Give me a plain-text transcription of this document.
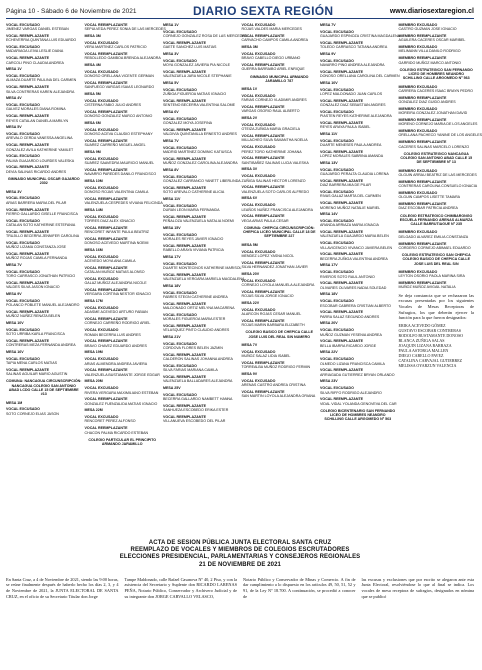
Página 10 - Sábado 6 de Noviembre de 2021	DIARIO SEXTA REGIÓN	www.diariosextaregion.cl
VOCAL EXCUSADO
JIMENEZ VARGAS DANIEL ESTEBAN
VOCAL REEMPLAZANTE
ECHEVERRIA QUINTANA LUIS EDUARDO
VOCAL EXCUSADO
MADARIAGA LEIVA LESLIE DIANA
VOCAL REEMPLAZANTE
CARCOLI PINO CLAUDIA ANDREA
MESA 1V
VOCAL EXCUSADO
ALMAZA DUARTE PAULINA DEL CARMEN
VOCAL REEMPLAZANTE
SILVA CONTRERAS KAREN ALEJANDRA
MESA 4V
VOCAL EXCUSADO
GALVEZ MORALES DIANA ROMINA
VOCAL REEMPLAZANTE
REYES CATALAN DANIELA MARILYN
MESA 5V
VOCAL EXCUSADO
AREVALO CERDA VANESSA ANGELINA
VOCAL REEMPLAZANTE
GONZALEZ AVILA KATHERINE YAMILET
VOCAL EXCUSADO
PALMA GUAJARDO LOURDES VALESKA
VOCAL REEMPLAZANTE
DEVIA SALINAS RICARDO ANDRES
GIMNASIO MUNICIPAL OSCAR GAJARDO 2302
MESA 3V
VOCAL EXCUSADO
ARIAS BARRERA MARIA DEL PILAR
VOCAL REEMPLAZANTE
FIERRO GALLARDO GISELLE FRANCISCA
VOCAL EXCUSADO
CATALAN SOTO KATHERINE ESTEFANIA
VOCAL REEMPLAZANTE
TRUJILLO BECERRA JENNIFER CAROLINA
VOCAL EXCUSADO
MUÑOZ LIZAMA CONSTANZA JOSE
VOCAL REEMPLAZANTE
MUÑOZ ROJAS CAMILA FERNANDA
MESA 7V
VOCAL EXCUSADO
TORO CARRASCO JONATHAN PATRICIO
VOCAL REEMPLAZANTE
VALDES SILVA JASON IGNACIO
MESA 9V
VOCAL EXCUSADO
POLANCO POBLETE MANUEL ALEJANDRO
VOCAL REEMPLAZANTE
MUÑOZ NUÑEZ RENATA BELEN
MESA 10V
VOCAL EXCUSADO
SOTO URRIBA KARLA FRANCISCA
VOCAL REEMPLAZANTE
CONTRERAS MEZA FERNANDA ANDREA
MESA 16V
VOCAL EXCUSADO
TAPIA MENA CARLOS MATIAS
VOCAL REEMPLAZANTE
SALINAS AGUILAR MARIO AGUSTIN
COMUNA: NANCAGUA CIRCUNSCRIPCIÓN: NANCAGUA COLEGIO SAN ANTONIO ABAD LCDO CALLE 15 DE SEPTIEMBRE #13
MESA 1M
VOCAL EXCUSADO
SOTO CORNEJO ELIAS JASON
VOCAL REEMPLAZANTE
SEPULVEDA PEREZ SONIA DE LAS MERCEDES
MESA 3M
VOCAL EXCUSADO
VERA MARTINEZ CARLOS PATRICIO
VOCAL REEMPLAZANTE
REBOLLEDO GAMBOA BRENDA ALEJANDRA
MESA 4M
VOCAL EXCUSADO
DONOSO ORELLANA VICENTE GERMAN
VOCAL REEMPLAZANTE
SANFUEGO VARGAS ISAIAS LEONARDO
MESA 5M
VOCAL EXCUSADO
CISTERNA FABIO JULIO ANDRES
VOCAL REEMPLAZANTE
DONOSO GONZALEZ MARCO ANTONIO
MESA 6M
VOCAL EXCUSADO
DONOSO ACEVA CLAUDIO ESTEPHANY
VOCAL REEMPLAZANTE
SUAREZ CARREÑO MIGUEL ANGEL
MESA 9M
VOCAL EXCUSADO
SUAREZ SAAVEDRA MAURICIO MANUEL
VOCAL REEMPLAZANTE
NAVARRO PAREDES DANILO FRANCISCO
MESA 10M
VOCAL EXCUSADO
DONOSO ROJAS VALENTINA CAMILA
VOCAL REEMPLAZANTE
VALENZUELA CESPEDES VIVIANA FELICINDA
MESA 14M
VOCAL EXCUSADO
TORRES DIAZ ALEX IGNACIO
VOCAL REEMPLAZANTE
RENCORET INFANTE PAULA BEATRIZ
VOCAL REEMPLAZANTE
DONOSO ACEVEDO MARTINA NOEMI
MESA 16M
VOCAL EXCUSADO
ACEVEDO MOYA ANA CAMILA
VOCAL REEMPLAZANTE
CATALAN MUÑOZ MATIAS ALONSO
VOCAL EXCUSADO
GALAZ MUÑOZ ALEJANDRA NICOLE
VOCAL REEMPLAZANTE
VERGARA CORTINA NESTOR IGNACIO
MESA 17M
VOCAL EXCUSADO
ADASME ACEVEDO ARTURO FABIAN
VOCAL REEMPLAZANTE
CORNEJO CARREÑO RODRIGO ARIEL
VOCAL EXCUSADO
ROMAN BECERRA LUIS ANDRES
VOCAL REEMPLAZANTE
BRAVO CHAVEZ EDUARDO ANDRES
MESA 19M
VOCAL EXCUSADO
ARIAS ALMENDRA ANDREA JAVIERA
VOCAL REEMPLAZANTE
VALENZUELA BUSTAMANTE JORGE EDGAR
MESA 20M
VOCAL EXCUSADO
RIVERA VERGARA MAXIMILIANO ESTEBAN
VOCAL REEMPLAZANTE
GONZALEZ FUENZALIDA MATIAS IGNACIO
MESA 22M
VOCAL EXCUSADO
RENCORET PEREZ ALFONSO
VOCAL REEMPLAZANTE
CHACON PALMA RICARDO ESTEBAN
COLEGIO PARTICULAR EL PRINCIPITO ARMANDO JARAMILLO
MESA 1V
VOCAL EXCUSADO
CORNEJO GONZALEZ ROSA DE LAS MERCEDES
VOCAL REEMPLAZANTE
GAETE SANCHEZ LUIS MATIAS
MESA 3V
VOCAL EXCUSADO
MOYA GONZALEZ JAVIERA PIA NICOLE
VOCAL REEMPLAZANTE
VALENZUELA JARA NICOLE STEPHANIE
MESA 5V
VOCAL EXCUSADO
ZUÑIGA FIGUEROA MATIAS IGNACIO
VOCAL REEMPLAZANTE
SENTENO BECERRA VALENTINA SALOME
MESA 6V
VOCAL EXCUSADO
GONZALEZ MOYA JOSEFINA
VOCAL REEMPLAZANTE
VALDIVIA QUINTANILLA ERNESTO ANDRES
MESA 7V
VOCAL EXCUSADO
MADRID MARTINEZ DOMINIC KATIUSCA
VOCAL REEMPLAZANTE
MUÑOZ GONZALEZ CAROLINA ALEJANDRA
MESA 8V
VOCAL EXCUSADO
GONZALEZ CARRANCO YANETT LIBERLINDA
VOCAL REEMPLAZANTE
SOTO AREVALO CATHERINE ALICIA
MESA 11V
VOCAL EXCUSADO
DURAN LEON MARIA FERNANDA
VOCAL REEMPLAZANTE
PEÑALOZA VALENZUELA NATALIA NOEMI
MESA 15V
VOCAL EXCUSADO
MORALES REYES JAVIER IGNACIO
VOCAL REEMPLAZANTE
RABELLO ARAYA VIVIANA PATRICIA
MESA 17V
VOCAL EXCUSADO
DUARTE MONTECINOS KATHERINE MARISOL
VOCAL REEMPLAZANTE
VALENZUELA VERGARA MARIELA MAGDALENA
MESA 18V
VOCAL EXCUSADO
FABRES STEGN CATHERINE ANDREA
VOCAL REEMPLAZANTE
MALDONADO ORTIZ MELYNA MACARENA
VOCAL EXCUSADO
MORALES FIGUEROA MARIA ESTER
VOCAL REEMPLAZANTE
VELASQUEZ PINTO CLAUDIO ANDRES
MESA 21V
VOCAL EXCUSADO
CORDOVA FLORES BELEN JAZMIN
VOCAL REEMPLAZANTE
CALDERON SALINAS JOHANNA ANDREA
VOCAL EXCUSADO
SILVA FARIAS MARIANA CAMILA
VOCAL REEMPLAZANTE
VALENZUELA BALLADARES ALEJANDRA
MESA 25V
VOCAL EXCUSADO
BECERRA GALLARDO NAMBETT HANNA
VOCAL REEMPLAZANTE
SANHUEZA ESCOBEDO ERIKA ESTER
VOCAL REEMPLAZANTE
VILLANUEVA ESCOBEDO DEL PILAR
VOCAL EXCUSADO
ROJAS VALDES MARIA MERCEDES
VOCAL REEMPLAZANTE
CARVACHO CAMPOS CAMILA ANDREA
MESA 3M
VOCAL EXCUSADO
BRAVO CABELLO DIEGO URBANO
VOCAL REEMPLAZANTE
GUERRA BARRAIBO ARIEL ENRIQUE
GIMNASIO MUNICIPAL ARMANDO JARAMILLO 787
MESA 1V
VOCAL EXCUSADO
FARIAS CORNEJO VLADIMIR ANDRES
VOCAL REEMPLAZANTE
VARGAS OSORIO RAUL ALBERTO
MESA 2V
VOCAL EXCUSADO
OTEIZA ZUÑIGA MARIA GRACIELA
VOCAL REEMPLAZANTE
MILLACHEO SILVA SAMANTHA NOELIA
VOCAL EXCUSADO
PEREZ TORO KATHERINE JOHANA
VOCAL REEMPLAZANTE
SANTIBAÑEZ SALINAS LUCIA VALESKA
MESA 3V
VOCAL EXCUSADO
ZUÑIGA SALINAS HECTOR LORENZO
VOCAL REEMPLAZANTE
VALENZUELA SOTO CARLOS ALFREDO
MESA 6V
VOCAL EXCUSADO
LEAÑOS NUÑEZ FRANCISCA ALEJANDRA
VOCAL REEMPLAZANTE
VEGA ARIAS PAULA CESAR
COMUNA: CHEPICA CIRCUNSCRIPCIÓN: CHEPICA LICEO MUNICIPAL CALLE 18 DE SEPTIEMBRE 227
MESA 5M
VOCAL EXCUSADO
MENDEZ LOPEZ YASNA NICOL
VOCAL REEMPLAZANTE
SILVA HERNANDEZ JONATHAN JAVIER
MESA 20V
VOCAL EXCUSADO
CORNEJO LOYOLA MANUELA ALEJANDRA
VOCAL REEMPLAZANTE
ROJAS SILVA JORGE IGNACIO
MESA 22V
VOCAL EXCUSADO
ALARCON ROJAS CESAR MANUEL
VOCAL REEMPLAZANTE
ROJAS MARIN BARBARA ELIZABETH
COLEGIO BASICO DE CHEPICA CALLE JOSE LUIS DEL REAL SIN NUMERO
MESA 7V
VOCAL EXCUSADO
MUÑOZ SALAZ LIDIA ISABEL
VOCAL REEMPLAZANTE
TORREALBA MUÑOZ RODRIGO FERMIN
MESA 9V
VOCAL EXCUSADO
ARENAS CASTRO ANDREA CRISTINA
VOCAL REEMPLAZANTE
SAN MARTIN LOYOLA ALEJANDRA ORIANA
MESA 7V
VOCAL EXCUSADO
GUAJARDO ESPINOZA CRISTINA MAGDALENA
VOCAL REEMPLAZANTE
TOLEDO CARRASCO TATIANA ANDREA
MESA 9V
VOCAL EXCUSADO
NAVARRO PINO ANDREA ALEJANDRA
VOCAL REEMPLAZANTE
DONOSO ORELLANA CAROLINA DEL CARMEN
MESA 10V
VOCAL EXCUSADO
LOPEZ MALDONADO JUAN CARLOS
VOCAL REEMPLAZANTE
GONZALEZ DIAZ SEBASTIAN ANDRES
VOCAL EXCUSADO
PIASTEN REYES KATHERINE ALEJANDRA
VOCAL REEMPLAZANTE
REYES ARAYA PAULA ISABEL
MESA 11V
VOCAL EXCUSADO
DUARTE MENESES PAULA ANDREA
VOCAL REEMPLAZANTE
LOPEZ MORALES SABRINA AMANDA
MESA 13V
VOCAL EXCUSADO
GUAJARDO PERALTA CLAUDIA LORENA
VOCAL REEMPLAZANTE
DIAZ BARRERA MIA DE PILAR
VOCAL EXCUSADO
RIVAS GALAZ MARTA DEL CARMEN
VOCAL REEMPLAZANTE
MORENO MUÑOZ NATALIE MARIEL
MESA 14V
VOCAL EXCUSADO
ARANDA ARRIAZA MARIA IGNACIA
VOCAL REEMPLAZANTE
VALENZUELA GUAJARDO MARIA BELEN
VOCAL EXCUSADO
VILLAVICENCIO VIVANCO JAVIERA BELEN
VOCAL REEMPLAZANTE
BECERRA ZUÑIGA VALENTINA ANDREA
MESA 17V
VOCAL EXCUSADO
RIVEROS SOTO RAUL ANTONIO
VOCAL REEMPLAZANTE
OLIVARES OLIVARES NADIA SOLEDAD
MESA 18V
VOCAL EXCUSADO
ESCOBAR CABRERA CRISTIAN ALBERTO
VOCAL REEMPLAZANTE
PARRA SALAZ SEGUNDO ANDRES
MESA 20V
VOCAL EXCUSADO
MUÑOZ GUZMAN YESENIA ANDREA
VOCAL REEMPLAZANTE
BELLA IBARRA RICARDO JORGE
MESA 22V
VOCAL EXCUSADO
OLMEDO LIZANA FRANCISCA CAMILA
VOCAL REEMPLAZANTE
ARRIAGADA GUTIERREZ BRYAN ORLANDO
MESA 23V
VOCAL EXCUSADO
SILVA RIFFO RODRIGO ALEJANDRO
VOCAL REEMPLAZANTE
VIDAL VIDAL YOLANDA GENOVEVA DEL CAR
COLEGIO BICENTENARIO SAN FERNANDO LICEO DE HOMBRES NEANDRO SCHILLING CALLE ARGOMEDO Nº 563
MIEMBRO EXCUSADO
CASTRO GUZMAN JOSE IGNACIO
MIEMBRO REEMPLAZANTE
AGUILERA CACERES OSCAR MARIBEL
MIEMBRO EXCUSADO
MELIMANN VILLA DANILO RODRIGO
MIEMBRO REEMPLAZANTE
GARRIDO MUÑOZ MARCO ANTONIO
COLEGIO ESTRATEGICO SAN FERNANDO LICEO DE HOMBRES NEANDRO SCHILLING CALLE ARGOMEDO Nº 563
MIEMBRO EXCUSADO
CARRERA CACERES ISAAC BRAYN PEDRO
MIEMBRO REEMPLAZANTE
GONZALEZ DIAZ GUIDO ANDRES
MIEMBRO EXCUSADO
MOREIRA GONZALEZ JONATHAN DAVID
MIEMBRO REEMPLAZANTE
MORENO CORNEJO MARIA DE LOS ANGELES
MIEMBRO EXCUSADO
ORELLANA PACHECO YANINE DE LOS ANGELES
MIEMBRO REEMPLAZANTE
CACERES SALINAS MARCELO LORENZO
COLEGIO ESTRATEGICO NANCAGUA COLEGIO SAN ANTONIO ABAD CALLE 15 DE SEPTIEMBRE Nº 13
MIEMBRO EXCUSADO
OLGUIN ARRAU BEATRIZ DE LAS MERCEDES
MIEMBRO REEMPLAZANTE
CONTRERAS CAROLINA CONSUELO IGNACIA
MIEMBRO EXCUSADO
OLGUIN CAMPOS LISETTE TAMARA
MIEMBRO REEMPLAZANTE
DIAZ ESCOBAR PATRICIA ANDREA
COLEGIO ESTRATEGICO CHIMBARONGO ESCUELA FERNANDO ARENAS ALMARZA CALLE BARRUTIAGUE Nº 235
MIEMBRO EXCUSADO
DELGADO ALVAREZ EMILIA CONSTANZA
MIEMBRO REEMPLAZANTE
CORDERO CORNEJO ABIMAEL EDUARDO
COLEGIO ESTRATEGICO SAN CHEPICA COLEGIO BASICO DE CHEPICA CALLE JOSE LUIS DEL REAL S/N
MIEMBRO EXCUSADO
LEYTON OSORIO PAOLA MARINA SIRA
MIEMBRO REEMPLAZANTE
MUÑOZ MUÑOZ AVIGAIL NATALIA
Se deja constancia que se rechazaron las excusas presentadas por los siguientes Vocales de Mesas Receptoras de Sufragios, los que deberán ejercer la función para la que fueron designados:
ERIKA ACEVEDO GÓMEZ
GUSTAVO ESCOBAR CONTRERAS
RODOLFO BUSTAMANTE DONOSO
BLANCA ZUÑIGA SALAS
JOAQUIN LIZANA BARRAZA
PAULA ASTORGA MALLEN
DIEGO CABELLO PAVEZ
CATALINA CARVAJAL GUTIERREZ
MELISSA OYARZUN VALENCIA
ACTA DE SESION PÚBLICA JUNTA ELECTORAL SANTA CRUZ
REEMPLAZO DE VOCALES Y MIEMBROS DE COLEGIOS ESCRUTADORES
ELECCIONES PRESIDENCIAL, PARLAMENTARIAS Y CONSEJEROS REGIONALES
21 DE NOVIEMBRE DE 2021
En Santa Cruz, a 4 de Noviembre de 2021, siendo las 9:00 horas, se reúne finalmente después de haberlo hecho los días 2, 3, y 4 de Noviembre de 2021, la JUNTA ELECTORAL DE SANTA CRUZ, en el oficio de su Secretario Titular don Jorge
Tampe Maldonado, calle Rafael Casanova Nº 40, 2 Piso, y con la asistencia del Secretario y Suplente don RICARDO LARENAS PEÑA, Notario Público, Conservador y Archivero Judicial y de su integrante don JORGE CARVALLO VELASCO,
Notario Público y Conservador de Minas y Comercio. A fin de dar cumplimiento a lo dispuesto en los artículos 49, 50, 51, 52 y 91, de la Ley Nº 18.700. A continuación, se procedió a conocer de
las excusas y exclusiones que por escrito se alegaron ante esta Junta Electoral, resolviéndose lo que al final se indica. Los vocales de mesa receptora de sufragios, designados en nómina que se publicó
